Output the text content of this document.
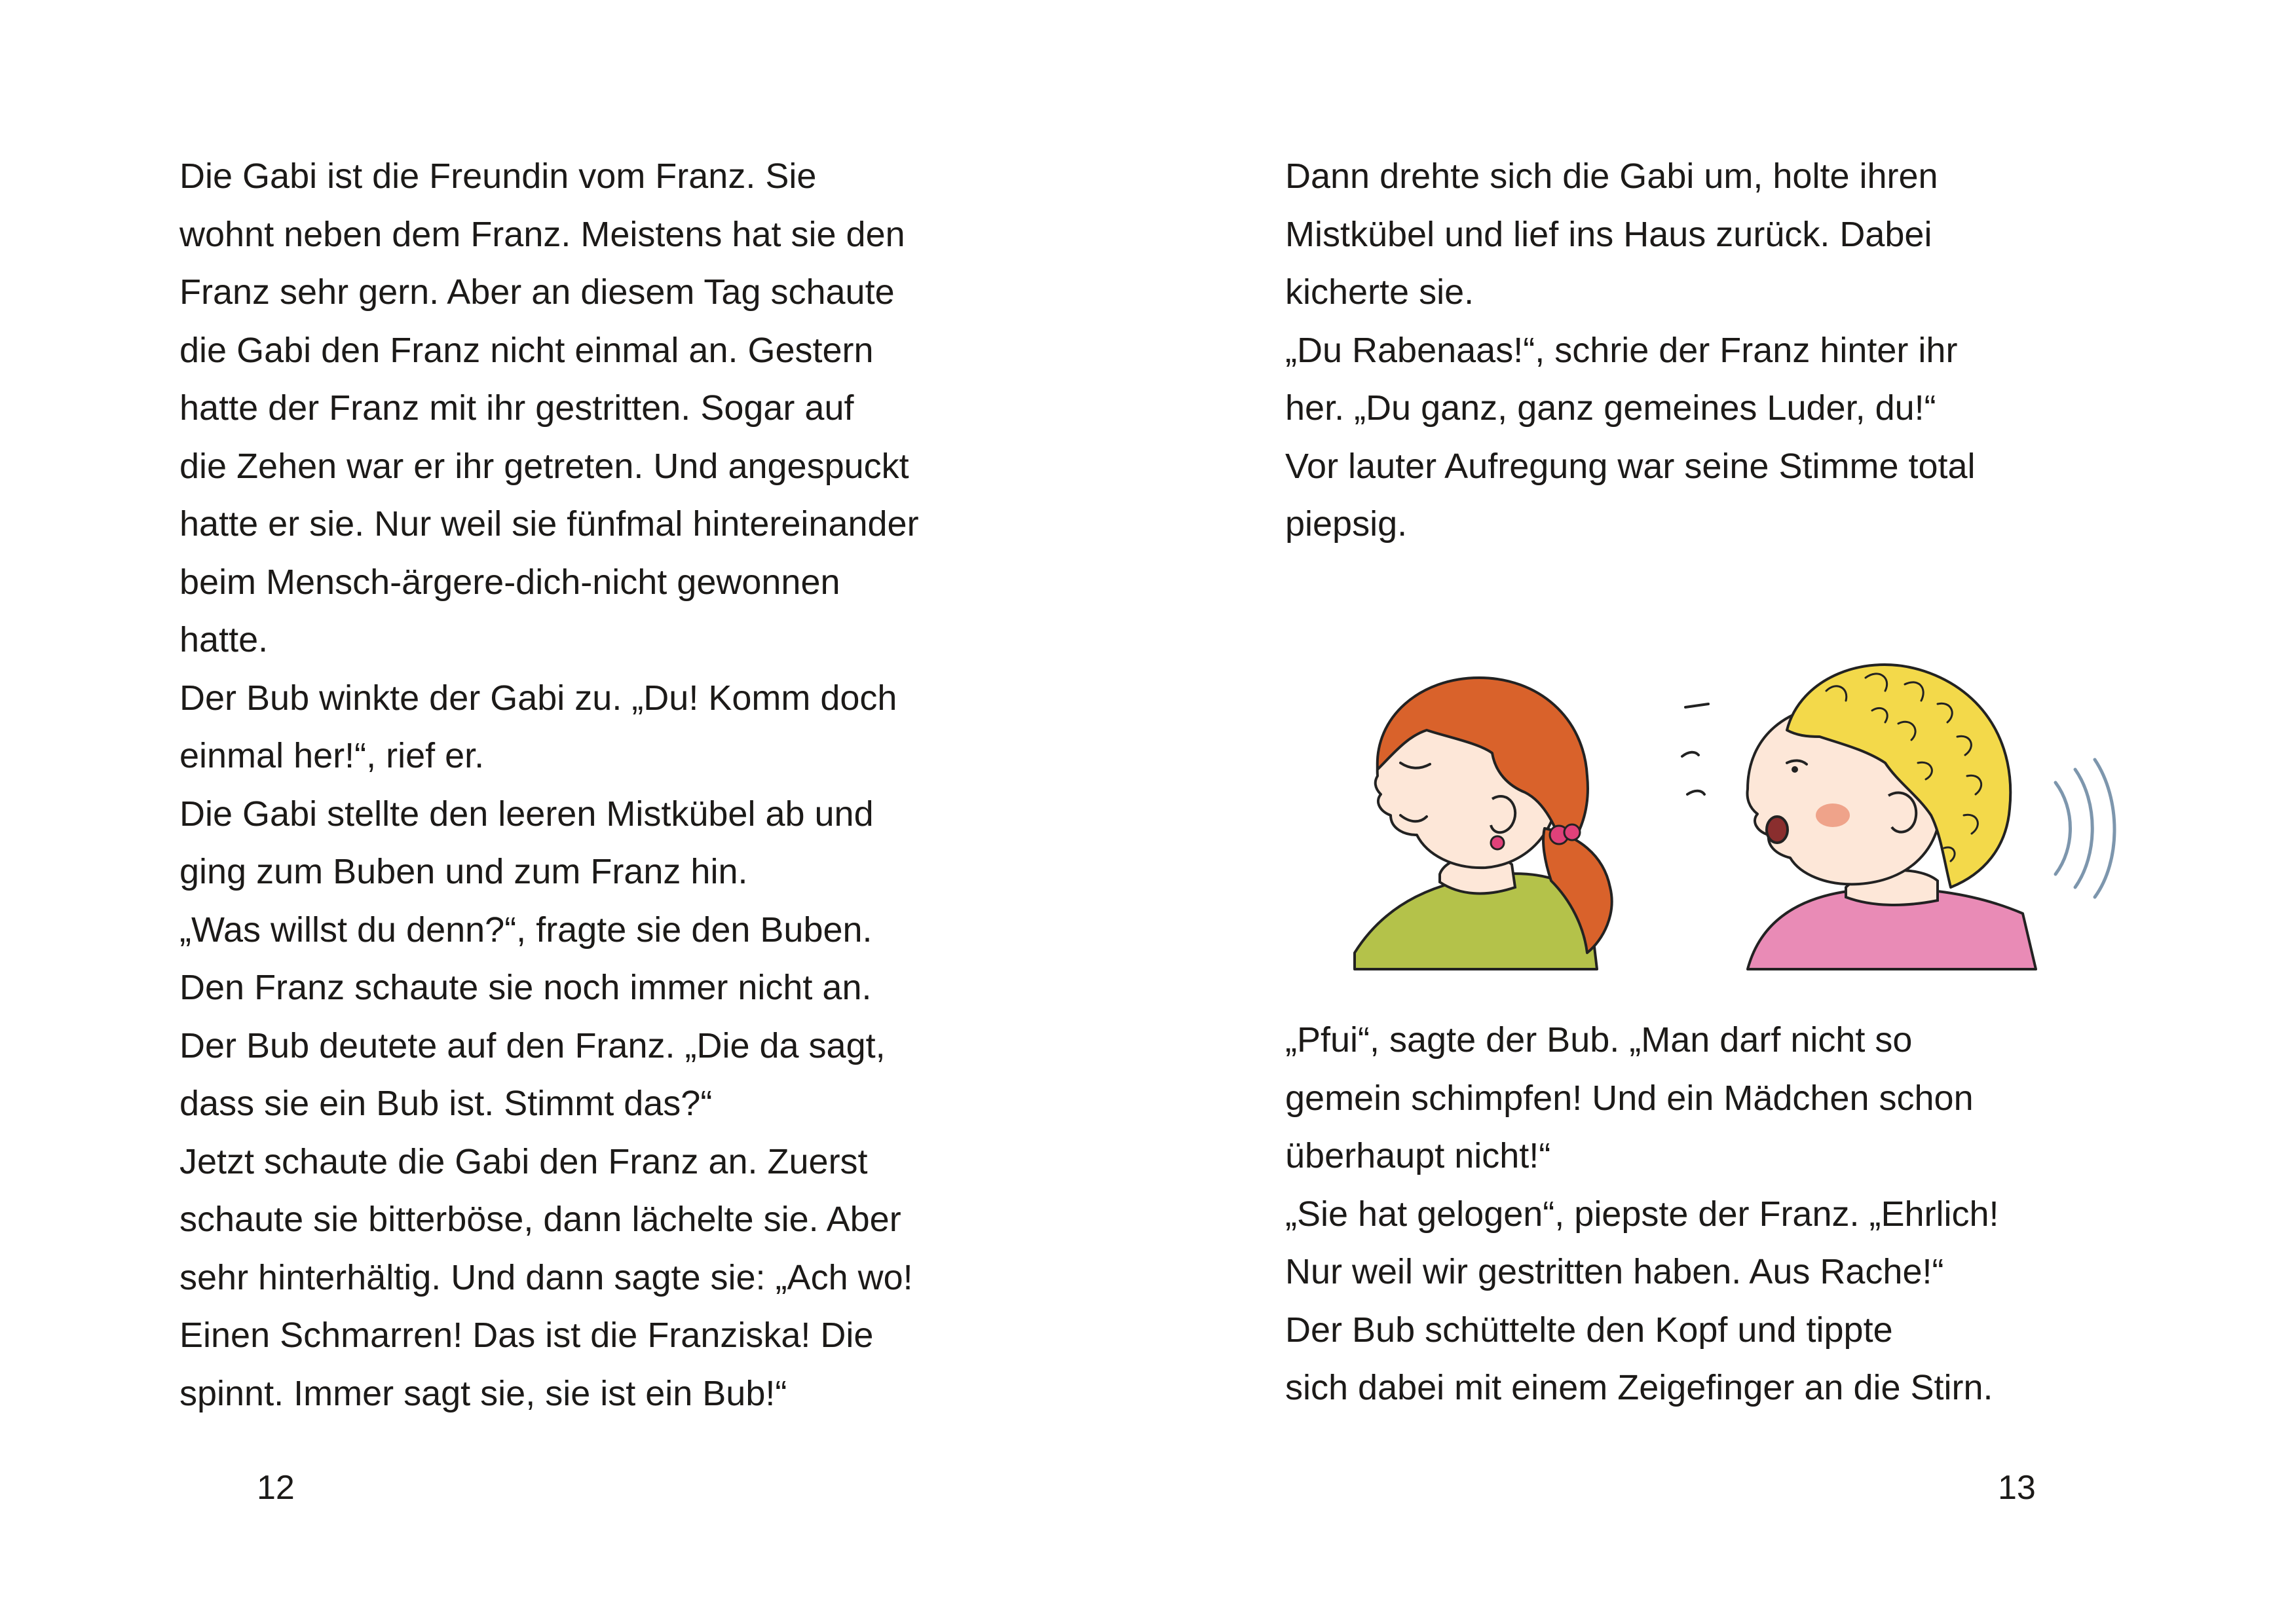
Die Gabi ist die Freundin vom Franz. Sie
wohnt neben dem Franz. Meistens hat sie den
Franz sehr gern. Aber an diesem Tag schaute
die Gabi den Franz nicht einmal an. Gestern
hatte der Franz mit ihr gestritten. Sogar auf
die Zehen war er ihr getreten. Und angespuckt
hatte er sie. Nur weil sie fünfmal hintereinander
beim Mensch-ärgere-dich-nicht gewonnen
hatte.
Der Bub winkte der Gabi zu. „Du! Komm doch
einmal her!“, rief er.
Die Gabi stellte den leeren Mistkübel ab und
ging zum Buben und zum Franz hin.
„Was willst du denn?“, fragte sie den Buben.
Den Franz schaute sie noch immer nicht an.
Der Bub deutete auf den Franz. „Die da sagt,
dass sie ein Bub ist. Stimmt das?“
Jetzt schaute die Gabi den Franz an. Zuerst
schaute sie bitterböse, dann lächelte sie. Aber
sehr hinterhältig. Und dann sagte sie: „Ach wo!
Einen Schmarren! Das ist die Franziska! Die
spinnt. Immer sagt sie, sie ist ein Bub!“
12
Dann drehte sich die Gabi um, holte ihren
Mistkübel und lief ins Haus zurück. Dabei
kicherte sie.
„Du Rabenaas!“, schrie der Franz hinter ihr
her. „Du ganz, ganz gemeines Luder, du!“
Vor lauter Aufregung war seine Stimme total
piepsig.
„Pfui“, sagte der Bub. „Man darf nicht so
gemein schimpfen! Und ein Mädchen schon
überhaupt nicht!“
„Sie hat gelogen“, piepste der Franz. „Ehrlich!
Nur weil wir gestritten haben. Aus Rache!“
Der Bub schüttelte den Kopf und tippte
sich dabei mit einem Zeigefinger an die Stirn.
13
